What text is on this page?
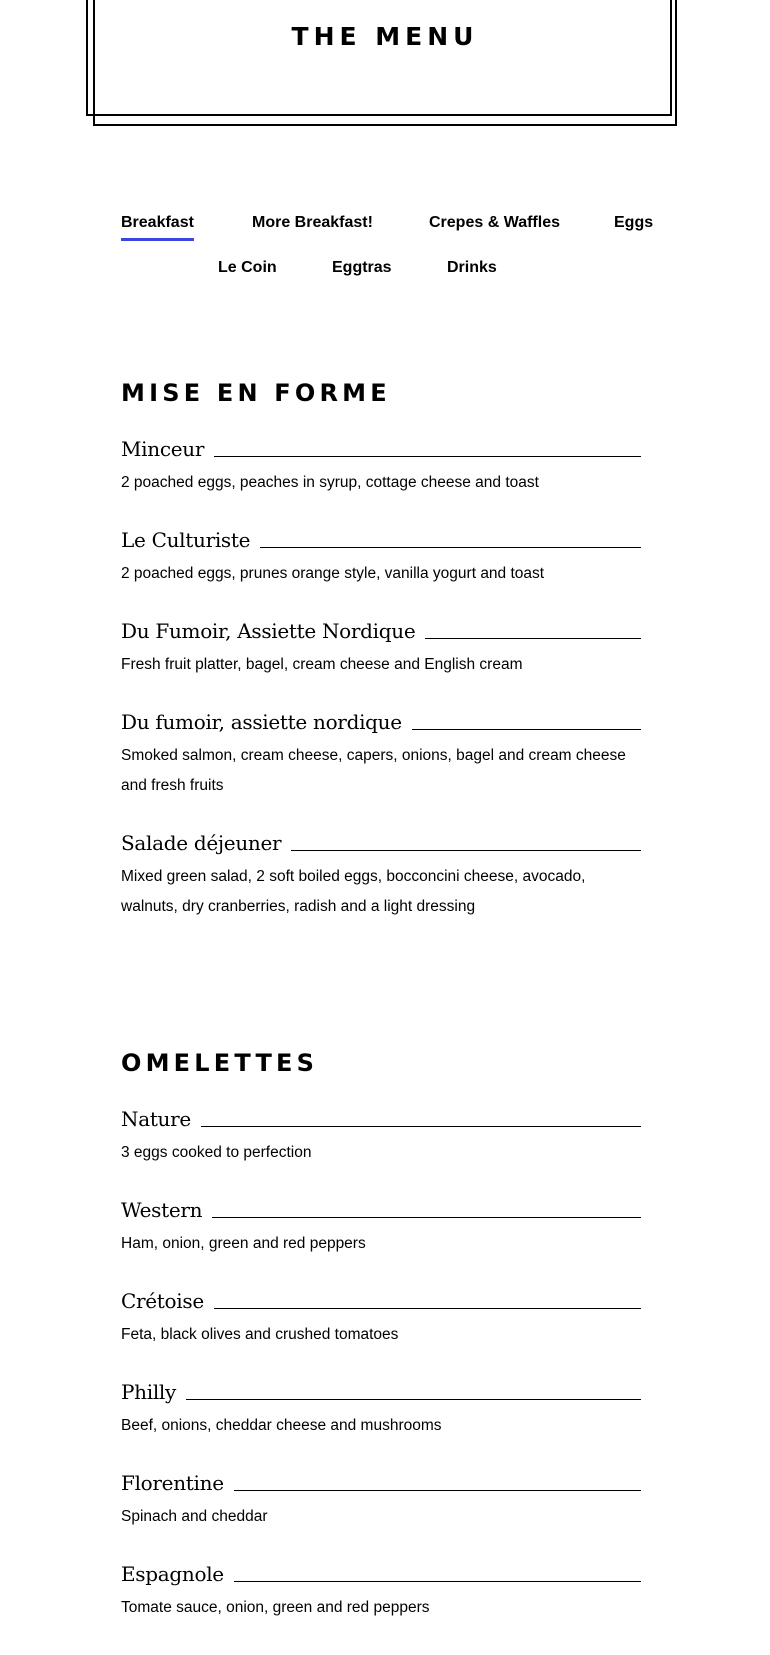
THE MENU
Breakfast	More Breakfast!	Crepes & Waffles	Eggs
Le Coin	Eggtras	Drinks
MISE EN FORME
Minceur
2 poached eggs, peaches in syrup, cottage cheese and toast
Le Culturiste
2 poached eggs, prunes orange style, vanilla yogurt and toast
Du Fumoir, Assiette Nordique
Fresh fruit platter, bagel, cream cheese and English cream
Du fumoir, assiette nordique
Smoked salmon, cream cheese, capers, onions, bagel and cream cheese and fresh fruits
Salade déjeuner
Mixed green salad, 2 soft boiled eggs, bocconcini cheese, avocado, walnuts, dry cranberries, radish and a light dressing
OMELETTES
Nature
3 eggs cooked to perfection
Western
Ham, onion, green and red peppers
Crétoise
Feta, black olives and crushed tomatoes
Philly
Beef, onions, cheddar cheese and mushrooms
Florentine
Spinach and cheddar
Espagnole
Tomate sauce, onion, green and red peppers
